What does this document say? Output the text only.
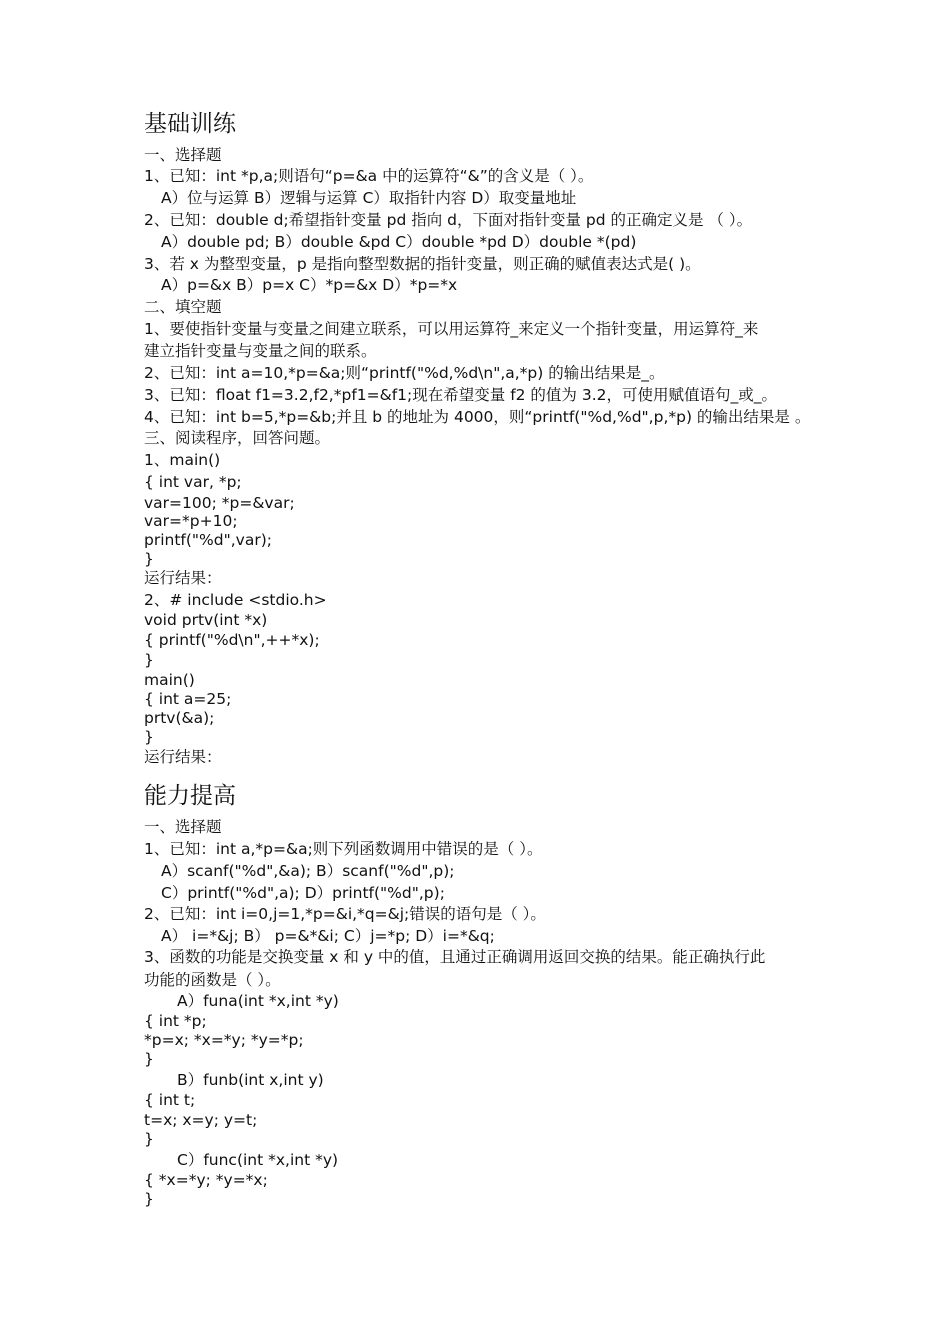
基础训练
一、选择题
1、已知：int *p,a;则语句“p=&a 中的运算符“&”的含义是（ ）。
A）位与运算 B）逻辑与运算 C）取指针内容 D）取变量地址
2、已知：double d;希望指针变量 pd 指向 d，下面对指针变量 pd 的正确定义是 （ ）。
A）double pd; B）double &pd C）double *pd D）double *(pd)
3、若 x 为整型变量，p 是指向整型数据的指针变量，则正确的赋值表达式是( )。
A）p=&x B）p=x C）*p=&x D）*p=*x
二、填空题
1、要使指针变量与变量之间建立联系，可以用运算符_来定义一个指针变量，用运算符_来
建立指针变量与变量之间的联系。
2、已知：int a=10,*p=&a;则“printf("%d,%d\n",a,*p) 的输出结果是_。
3、已知：float f1=3.2,f2,*pf1=&f1;现在希望变量 f2 的值为 3.2，可使用赋值语句_或_。
4、已知：int b=5,*p=&b;并且 b 的地址为 4000，则“printf("%d,%d",p,*p) 的输出结果是 。
三、阅读程序，回答问题。
1、main()
{ int var, *p;
var=100; *p=&var;
var=*p+10;
printf("%d",var);
}
运行结果：
2、# include <stdio.h>
void prtv(int *x)
{ printf("%d\n",++*x);
}
main()
{ int a=25;
prtv(&a);
}
运行结果：
能力提高
一、选择题
1、已知：int a,*p=&a;则下列函数调用中错误的是（ ）。
A）scanf("%d",&a); B）scanf("%d",p);
C）printf("%d",a); D）printf("%d",p);
2、已知：int i=0,j=1,*p=&i,*q=&j;错误的语句是（ ）。
A） i=*&j; B） p=&*&i; C）j=*p; D）i=*&q;
3、函数的功能是交换变量 x 和 y 中的值，且通过正确调用返回交换的结果。能正确执行此
功能的函数是（ ）。
A）funa(int *x,int *y)
{ int *p;
*p=x; *x=*y; *y=*p;
}
B）funb(int x,int y)
{ int t;
t=x; x=y; y=t;
}
C）func(int *x,int *y)
{ *x=*y; *y=*x;
}
